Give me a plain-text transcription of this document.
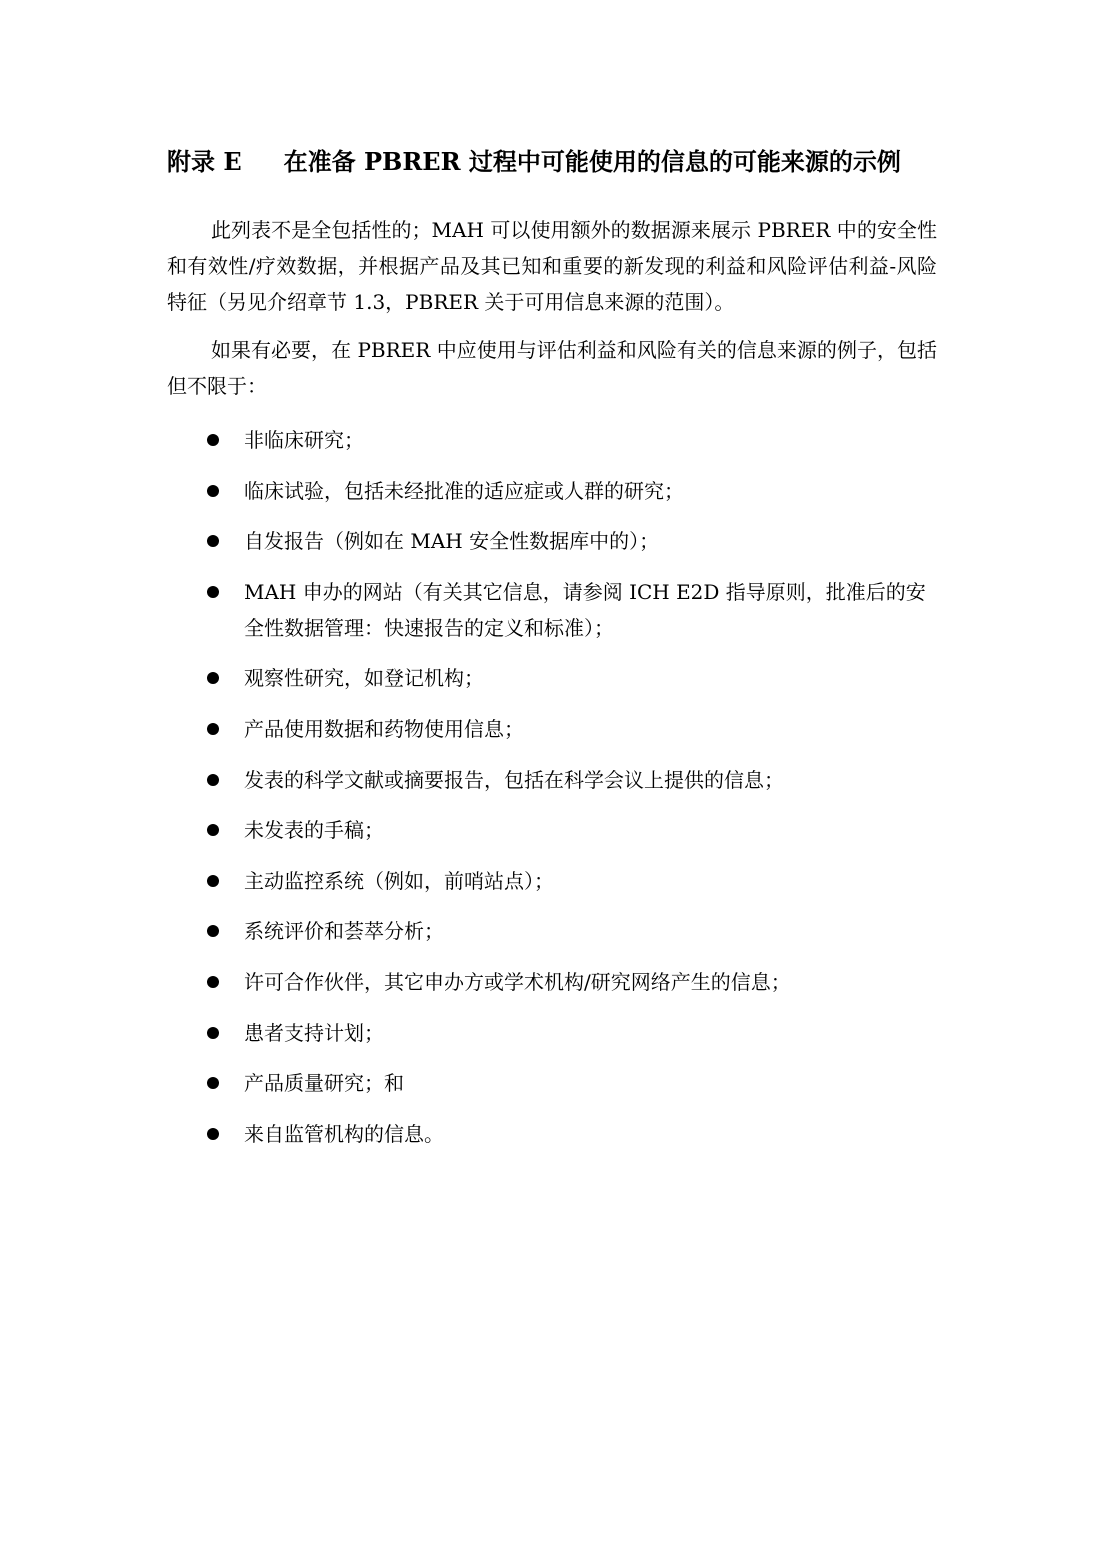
附录 E 在准备 PBRER 过程中可能使用的信息的可能来源的示例

此列表不是全包括性的；MAH 可以使用额外的数据源来展示 PBRER 中的安全性和有效性/疗效数据，并根据产品及其已知和重要的新发现的利益和风险评估利益-风险特征（另见介绍章节 1.3，PBRER 关于可用信息来源的范围）。

如果有必要，在 PBRER 中应使用与评估利益和风险有关的信息来源的例子，包括但不限于：

非临床研究；
临床试验，包括未经批准的适应症或人群的研究；
自发报告（例如在 MAH 安全性数据库中的）；
MAH 申办的网站（有关其它信息，请参阅 ICH E2D 指导原则，批准后的安全性数据管理：快速报告的定义和标准）；
观察性研究，如登记机构；
产品使用数据和药物使用信息；
发表的科学文献或摘要报告，包括在科学会议上提供的信息；
未发表的手稿；
主动监控系统（例如，前哨站点）；
系统评价和荟萃分析；
许可合作伙伴，其它申办方或学术机构/研究网络产生的信息；
患者支持计划；
产品质量研究；和
来自监管机构的信息。
